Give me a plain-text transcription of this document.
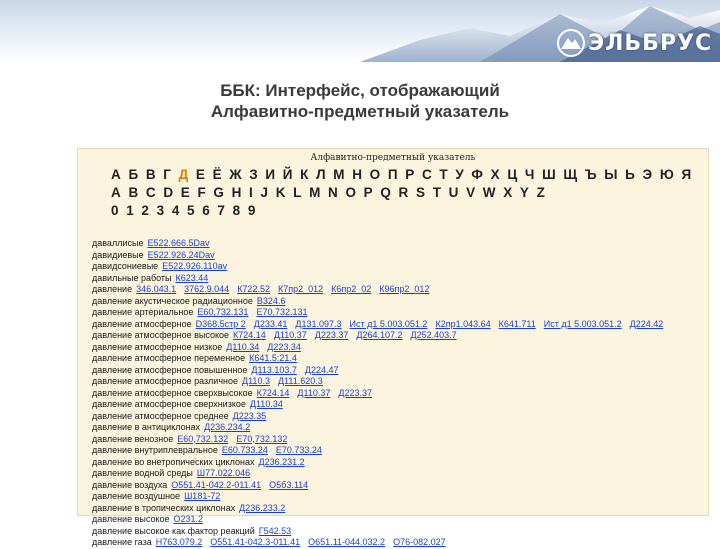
ЭЛЬБРУС
ББК: Интерфейс, отображающий
Алфавитно-предметный указатель
Алфавитно-предметный указатель
А Б В Г Д Е Ё Ж З И Й К Л М Н О П Р С Т У Ф Х Ц Ч Ш Щ Ъ Ы Ь Э Ю Я
A B C D E F G H I J K L M N O P Q R S T U V W X Y Z
0 1 2 3 4 5 6 7 8 9
даваллисые Е522.666.5Dav
давидиевые Е522.926.24Dav
давидсониевые Е522.926.110av
давильные работы К623.44
давление 346.043.1 3762.9.044 К722.52 К7пр2_012 К6пр2_02 К96пр2_012
давление акустическое радиационное В324.6
давление артериальное Е60,732.131 Е70,732.131
давление атмосферное D368.5стр 2 Д233.41 Д131.097.3 Ист д1 5.003.051.2 К2пр1.043.64 К641.711 Ист д1 5.003.051.2 Д224.42
давление атмосферное высокое К724.14 Д110.37 Д223.37 Д264.107.2 Д252.403.7
давление атмосферное низкое Д110.34 Д223.34
давление атмосферное переменное К641.5:21.4
давление атмосферное повышенное Д113.103.7 Д224.47
давление атмосферное различное Д110.3 Д111.620.3
давление атмосферное сверхвысокое К724.14 Д110.37 Д223.37
давление атмосферное сверхнизкое Д110.34
давление атмосферное среднее Д223.35
давление в антициклонах Д236.234.2
давление венозное Е60,732.132 Е70,732.132
давление внутриплевральное Е60.733.24 Е70.733.24
давление во внетропических циклонах Д236.231.2
давление водной среды Ш77.022.046
давление воздуха О551.41-042.2-011.41 О5б3.114
давление воздушное Ш181-72
давление в тропических циклонах Д236.233.2
давление высокое О231.2
давление высокое как фактор реакций Г542.53
давление газа Н763.079.2 О551.41-042.3-011.41 О651.11-044.032.2 О76-082.027
